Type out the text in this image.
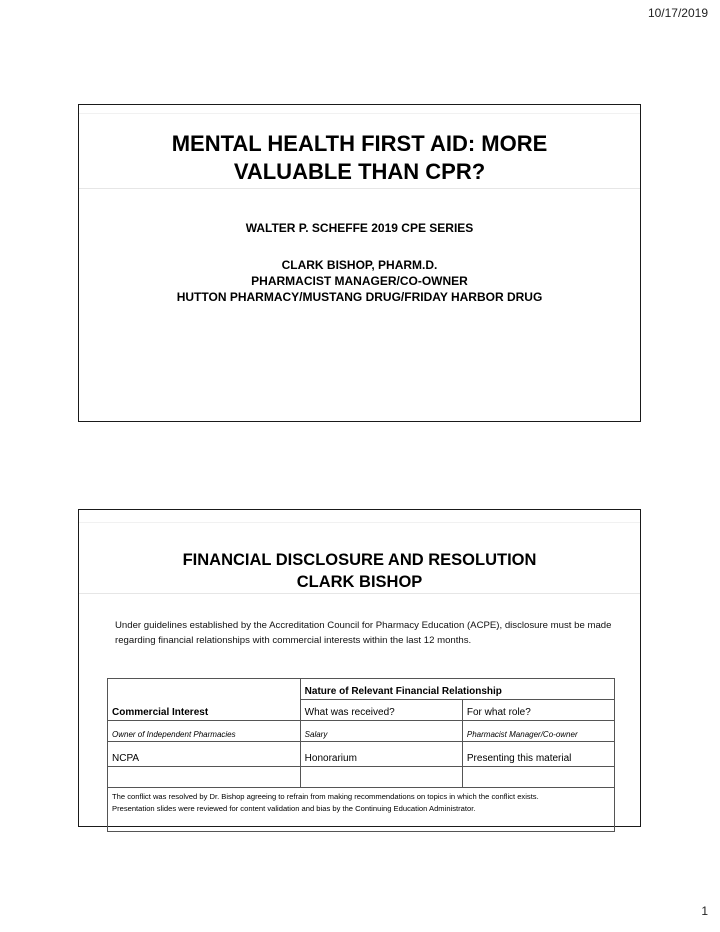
10/17/2019
MENTAL HEALTH FIRST AID: MORE
VALUABLE THAN CPR?
WALTER P. SCHEFFE 2019 CPE SERIES
CLARK BISHOP, PHARM.D.
PHARMACIST MANAGER/CO-OWNER
HUTTON PHARMACY/MUSTANG DRUG/FRIDAY HARBOR DRUG
FINANCIAL DISCLOSURE AND RESOLUTION
CLARK BISHOP
Under guidelines established by the Accreditation Council for Pharmacy Education (ACPE), disclosure must be made regarding financial relationships with commercial interests within the last 12 months.
	Nature of Relevant Financial Relationship	
Commercial Interest	What was received?	For what role?
Owner of Independent Pharmacies	Salary	Pharmacist Manager/Co-owner
NCPA	Honorarium	Presenting this material

The conflict was resolved by Dr. Bishop agreeing to refrain from making recommendations on topics in which the conflict exists.
Presentation slides were reviewed for content validation and bias by the Continuing Education Administrator.		
1
